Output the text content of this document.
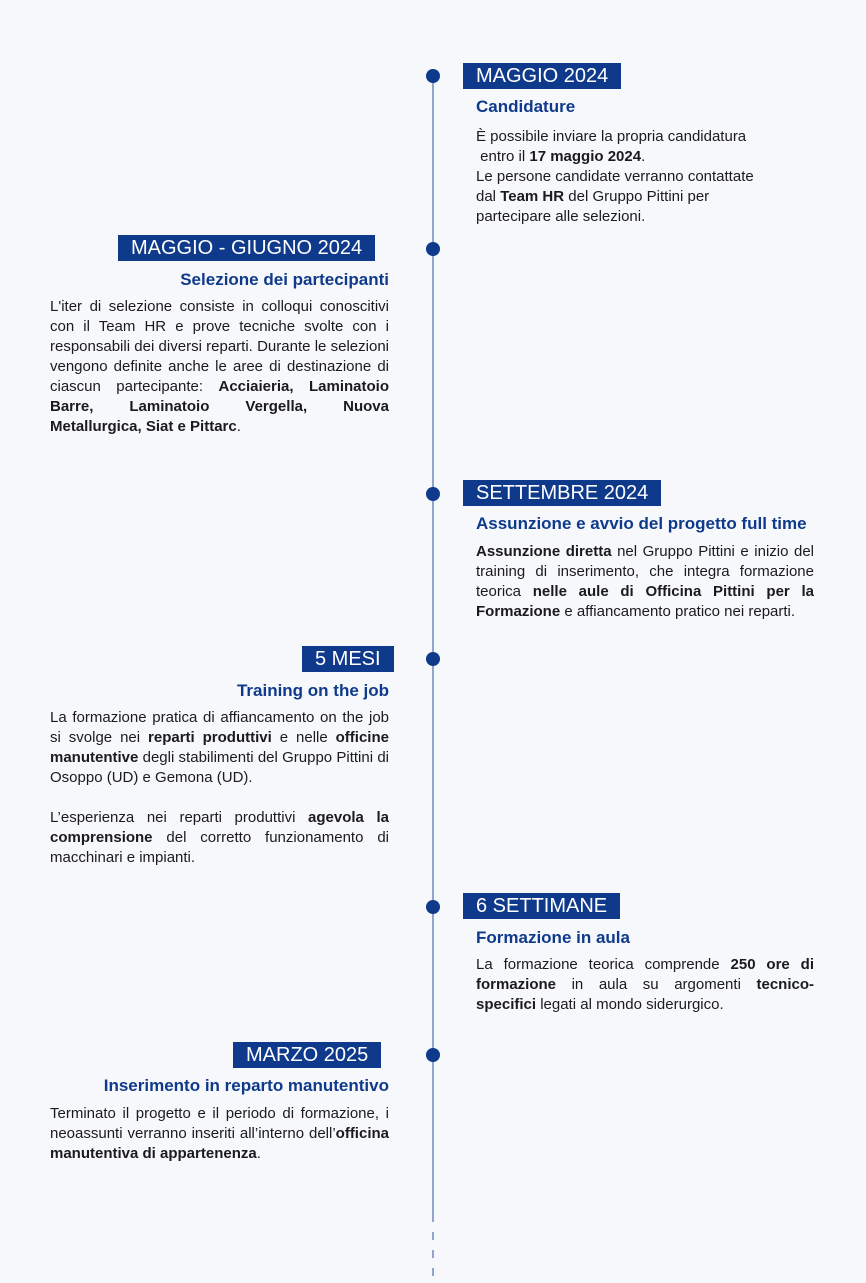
MAGGIO 2024
Candidature

È possibile inviare la propria candidatura

entro il 17 maggio 2024.

Le persone candidate verranno contattate

dal Team HR del Gruppo Pittini per

partecipare alle selezioni.

MAGGIO - GIUGNO 2024
Selezione dei partecipanti

L'iter di selezione consiste in colloqui conoscitivi con il Team HR e prove tecniche svolte con i responsabili dei diversi reparti. Durante le selezioni vengono definite anche le aree di destinazione di ciascun partecipante: Acciaieria, Laminatoio Barre, Laminatoio Vergella, Nuova Metallurgica, Siat e Pittarc.

SETTEMBRE 2024
Assunzione e avvio del progetto full time

Assunzione diretta nel Gruppo Pittini e inizio del training di inserimento, che integra formazione teorica nelle aule di Officina Pittini per la Formazione e affiancamento pratico nei reparti.

5 MESI
Training on the job

La formazione pratica di affiancamento on the job si svolge nei reparti produttivi e nelle officine manutentive degli stabilimenti del Gruppo Pittini di Osoppo (UD) e Gemona (UD).

L’esperienza nei reparti produttivi agevola la comprensione del corretto funzionamento di macchinari e impianti.

6 SETTIMANE
Formazione in aula

La formazione teorica comprende 250 ore di formazione in aula su argomenti tecnico-specifici legati al mondo siderurgico.

MARZO 2025
Inserimento in reparto manutentivo

Terminato il progetto e il periodo di formazione, i neoassunti verranno inseriti all’interno dell’officina manutentiva di appartenenza.
